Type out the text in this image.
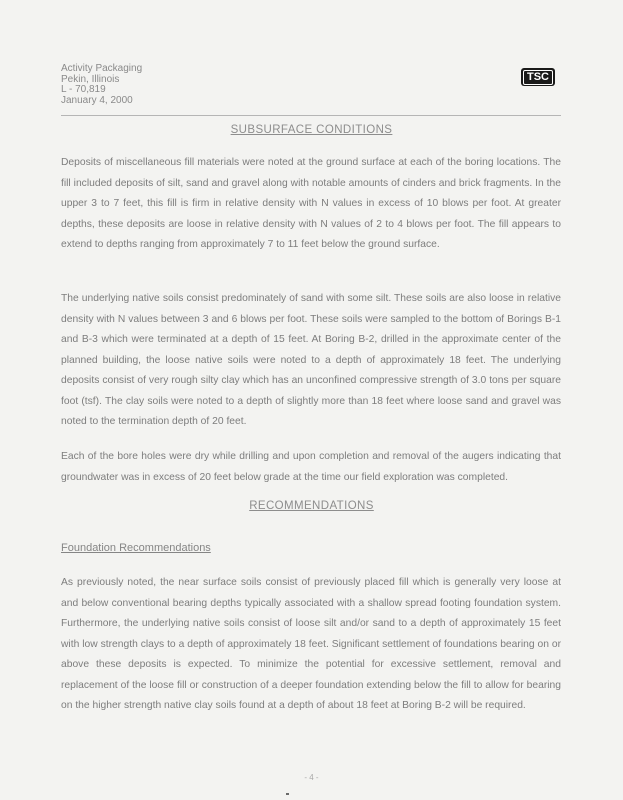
Activity Packaging
Pekin, Illinois
L - 70,819
January 4, 2000
TSC
SUBSURFACE CONDITIONS
Deposits of miscellaneous fill materials were noted at the ground surface at each of the boring locations. The fill included deposits of silt, sand and gravel along with notable amounts of cinders and brick fragments. In the upper 3 to 7 feet, this fill is firm in relative density with N values in excess of 10 blows per foot. At greater depths, these deposits are loose in relative density with N values of 2 to 4 blows per foot. The fill appears to extend to depths ranging from approximately 7 to 11 feet below the ground surface.
The underlying native soils consist predominately of sand with some silt. These soils are also loose in relative density with N values between 3 and 6 blows per foot. These soils were sampled to the bottom of Borings B-1 and B-3 which were terminated at a depth of 15 feet. At Boring B-2, drilled in the approximate center of the planned building, the loose native soils were noted to a depth of approximately 18 feet. The underlying deposits consist of very rough silty clay which has an unconfined compressive strength of 3.0 tons per square foot (tsf). The clay soils were noted to a depth of slightly more than 18 feet where loose sand and gravel was noted to the termination depth of 20 feet.
Each of the bore holes were dry while drilling and upon completion and removal of the augers indicating that groundwater was in excess of 20 feet below grade at the time our field exploration was completed.
RECOMMENDATIONS
Foundation Recommendations
As previously noted, the near surface soils consist of previously placed fill which is generally very loose at and below conventional bearing depths typically associated with a shallow spread footing foundation system. Furthermore, the underlying native soils consist of loose silt and/or sand to a depth of approximately 15 feet with low strength clays to a depth of approximately 18 feet. Significant settlement of foundations bearing on or above these deposits is expected. To minimize the potential for excessive settlement, removal and replacement of the loose fill or construction of a deeper foundation extending below the fill to allow for bearing on the higher strength native clay soils found at a depth of about 18 feet at Boring B-2 will be required.
- 4 -
